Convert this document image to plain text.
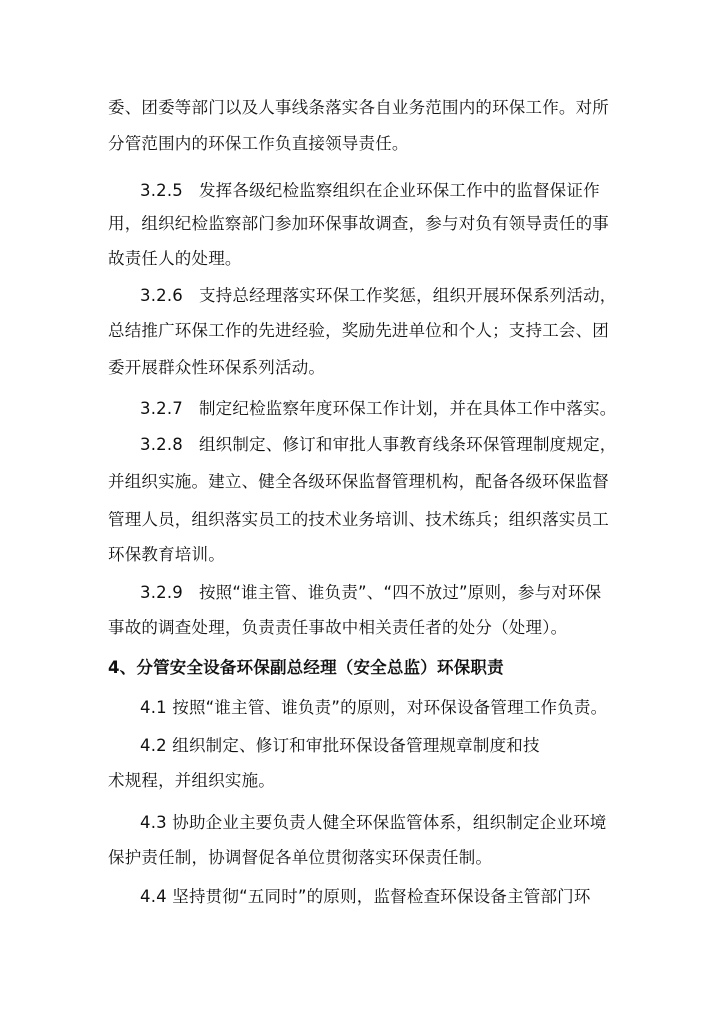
委、团委等部门以及人事线条落实各自业务范围内的环保工作。对所

分管范围内的环保工作负直接领导责任。

3.2.5 发挥各级纪检监察组织在企业环保工作中的监督保证作

用，组织纪检监察部门参加环保事故调查，参与对负有领导责任的事

故责任人的处理。

3.2.6 支持总经理落实环保工作奖惩，组织开展环保系列活动，

总结推广环保工作的先进经验，奖励先进单位和个人；支持工会、团

委开展群众性环保系列活动。

3.2.7 制定纪检监察年度环保工作计划，并在具体工作中落实。

3.2.8 组织制定、修订和审批人事教育线条环保管理制度规定，

并组织实施。建立、健全各级环保监督管理机构，配备各级环保监督

管理人员，组织落实员工的技术业务培训、技术练兵；组织落实员工

环保教育培训。

3.2.9 按照“谁主管、谁负责”、“四不放过”原则，参与对环保

事故的调查处理，负责责任事故中相关责任者的处分（处理）。

4、分管安全设备环保副总经理（安全总监）环保职责

4.1 按照“谁主管、谁负责”的原则，对环保设备管理工作负责。

4.2 组织制定、修订和审批环保设备管理规章制度和技

术规程，并组织实施。

4.3 协助企业主要负责人健全环保监管体系，组织制定企业环境

保护责任制，协调督促各单位贯彻落实环保责任制。

4.4 坚持贯彻“五同时”的原则，监督检查环保设备主管部门环
